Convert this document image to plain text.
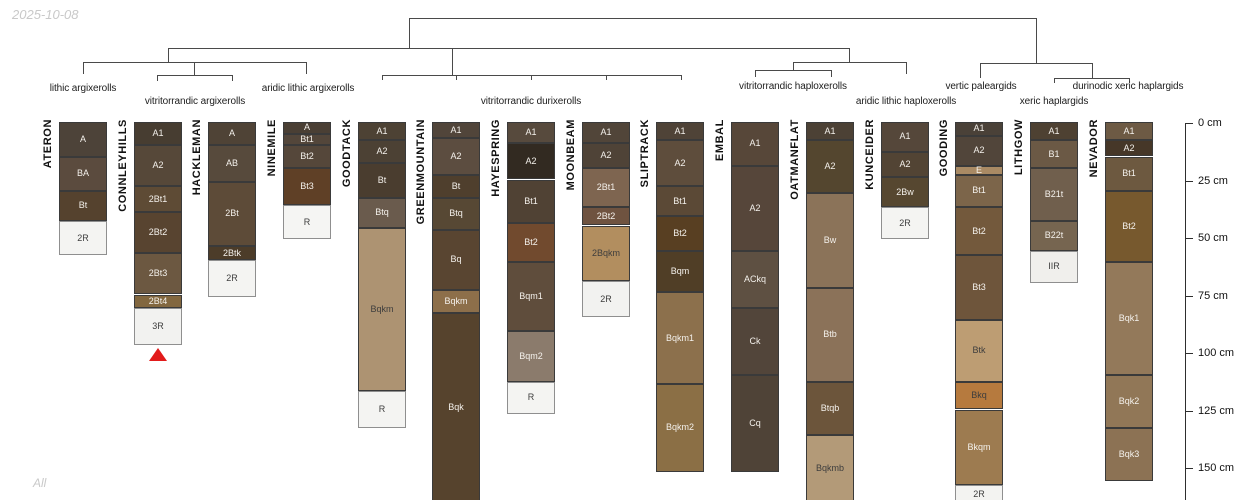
2025-10-08
lithic argixerolls
vitritorrandic argixerolls
aridic lithic argixerolls
vitritorrandic durixerolls
vitritorrandic haploxerolls
aridic lithic haploxerolls
vertic paleargids
xeric haplargids
durinodic xeric haplargids
ATERON	A
BA
Bt
2R
CONNLEYHILLS	A1
A2
2Bt1
2Bt2
2Bt3
2Bt4
3R
HACKLEMAN	A
AB
2Bt
2Btk
2R
NINEMILE	A
Bt1
Bt2
Bt3
R
GOODTACK	A1
A2
Bt
Btq
Bqkm
R
GREENMOUNTAIN	A1
A2
Bt
Btq
Bq
Bqkm
Bqk
HAYESPRING	A1
A2
Bt1
Bt2
Bqm1
Bqm2
R
MOONBEAM	A1
A2
2Bt1
2Bt2
2Bqkm
2R
SLIPTRACK	A1
A2
Bt1
Bt2
Bqm
Bqkm1
Bqkm2
EMBAL	A1
A2
ACkq
Ck
Cq
OATMANFLAT	A1
A2
Bw
Btb
Btqb
Bqkmb
KUNCEIDER	A1
A2
2Bw
2R
GOODING	A1
A2
E
Bt1
Bt2
Bt3
Btk
Bkq
Bkqm
2R
LITHGOW	A1
B1
B21t
B22t
IIR
NEVADOR	A1
A2
Bt1
Bt2
Bqk1
Bqk2
Bqk3
0 cm
25 cm
50 cm
75 cm
100 cm
125 cm
150 cm
All
